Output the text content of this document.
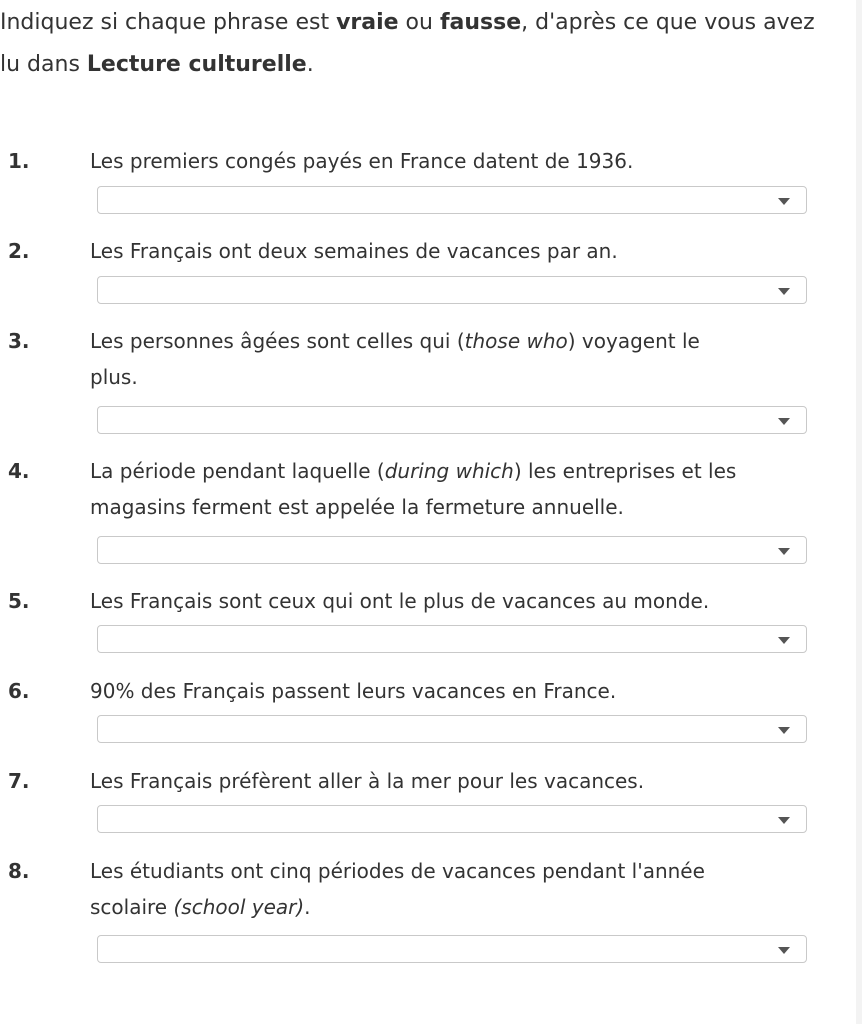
Indiquez si chaque phrase est vraie ou fausse, d'après ce que vous avez lu dans Lecture culturelle.

1.	Les premiers congés payés en France datent de 1936.
2.	Les Français ont deux semaines de vacances par an.
3.	Les personnes âgées sont celles qui (those who) voyagent le plus.
4.	La période pendant laquelle (during which) les entreprises et les magasins ferment est appelée la fermeture annuelle.
5.	Les Français sont ceux qui ont le plus de vacances au monde.
6.	90% des Français passent leurs vacances en France.
7.	Les Français préfèrent aller à la mer pour les vacances.
8.	Les étudiants ont cinq périodes de vacances pendant l'année scolaire (school year).
